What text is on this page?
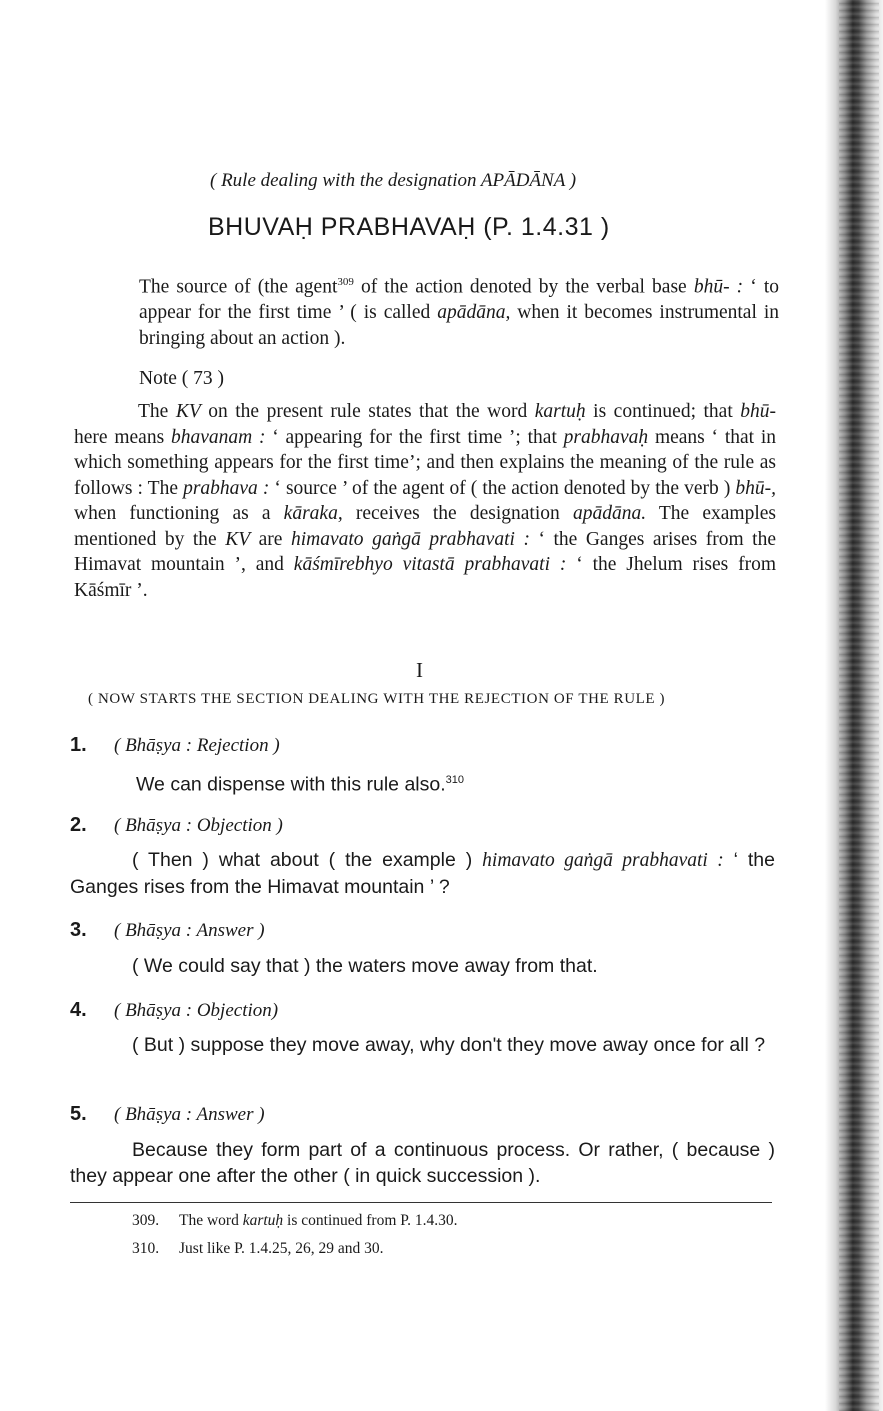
( Rule dealing with the designation APĀDĀNA )
BHUVAḤ PRABHAVAḤ (P. 1.4.31 )
The source of (the agent$^{309}$ of the action denoted by the verbal base bhū- : ‘ to appear for the first time ’ ( is called apādāna, when it becomes instrumental in bringing about an action ).
Note ( 73 )
The KV on the present rule states that the word kartuḥ is continued; that bhū- here means bhavanam : ‘ appearing for the first time ’; that prabhavaḥ means ‘ that in which something appears for the first time’; and then explains the meaning of the rule as follows : The prabhava : ‘ source ’ of the agent of ( the action denoted by the verb ) bhū-, when functioning as a kāraka, receives the designation apādāna. The examples mentioned by the KV are himavato gaṅgā prabhavati : ‘ the Ganges arises from the Himavat mountain ’, and kāśmīrebhyo vitastā prabhavati : ‘ the Jhelum rises from Kāśmīr ’.
I
( NOW STARTS THE SECTION DEALING WITH THE REJECTION OF THE RULE )
1. ( Bhāṣya : Rejection )
We can dispense with this rule also.$^{310}$
2. ( Bhāṣya : Objection )
( Then ) what about ( the example ) himavato gaṅgā prabhavati : ‘ the Ganges rises from the Himavat mountain ’ ?
3. ( Bhāṣya : Answer )
( We could say that ) the waters move away from that.
4. ( Bhāṣya : Objection)
( But ) suppose they move away, why don't they move away once for all ?
5. ( Bhāṣya : Answer )
Because they form part of a continuous process. Or rather, ( because ) they appear one after the other ( in quick succession ).
309. The word kartuḥ is continued from P. 1.4.30.
310. Just like P. 1.4.25, 26, 29 and 30.
